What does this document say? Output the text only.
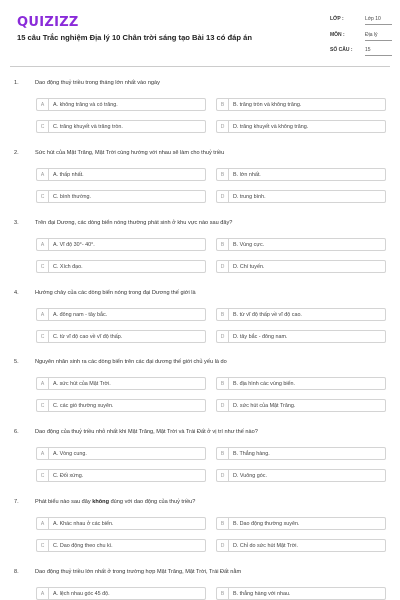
QUIZIZZ
15 câu Trắc nghiệm Địa lý 10 Chân trời sáng tạo Bài 13 có đáp án
LỚP :	Lớp 10
MÔN :	Địa lý
SỐ CÂU :	15
1.	Dao động thuỷ triều trong tháng lớn nhất vào ngày
A	A. không trăng và có trăng.	B	B. trăng tròn và không trăng.
C	C. trăng khuyết và trăng tròn.	D	D. trăng khuyết và không trăng.
2.	Sức hút của Mặt Trăng, Mặt Trời cùng hướng với nhau sẽ làm cho thuỷ triều
A	A. thấp nhất.	B	B. lớn nhất.
C	C. bình thường.	D	D. trung bình.
3.	Trên đại Dương, các dòng biển nóng thường phát sinh ở khu vực nào sau đây?
A	A. Vĩ độ 30°- 40°.	B	B. Vùng cực.
C	C. Xích đạo.	D	D. Chí tuyến.
4.	Hướng chảy của các dòng biển nóng trong đại Dương thế giới là
A	A. đông nam - tây bắc.	B	B. từ vĩ độ thấp về vĩ độ cao.
C	C. từ vĩ độ cao về vĩ độ thấp.	D	D. tây bắc - đông nam.
5.	Nguyên nhân sinh ra các dòng biển trên các đại dương thế giới chủ yếu là do
A	A. sức hút của Mặt Trời.	B	B. địa hình các vùng biển.
C	C. các gió thường xuyên.	D	D. sức hút của Mặt Trăng.
6.	Dao động của thuỷ triều nhỏ nhất khi Mặt Trăng, Mặt Trời và Trái Đất ở vị trí như thế nào?
A	A. Vòng cung.	B	B. Thẳng hàng.
C	C. Đối xứng.	D	D. Vuông góc.
7.	Phát biểu nào sau đây không đúng với dao động của thuỷ triều?
A	A. Khác nhau ở các biển.	B	B. Dao động thường xuyên.
C	C. Dao động theo chu kì.	D	D. Chỉ do sức hút Mặt Trời.
8.	Dao động thuỷ triều lớn nhất ở trong trường hợp Mặt Trăng, Mặt Trời, Trái Đất nằm
A	A. lệch nhau góc 45 độ.	B	B. thẳng hàng với nhau.
